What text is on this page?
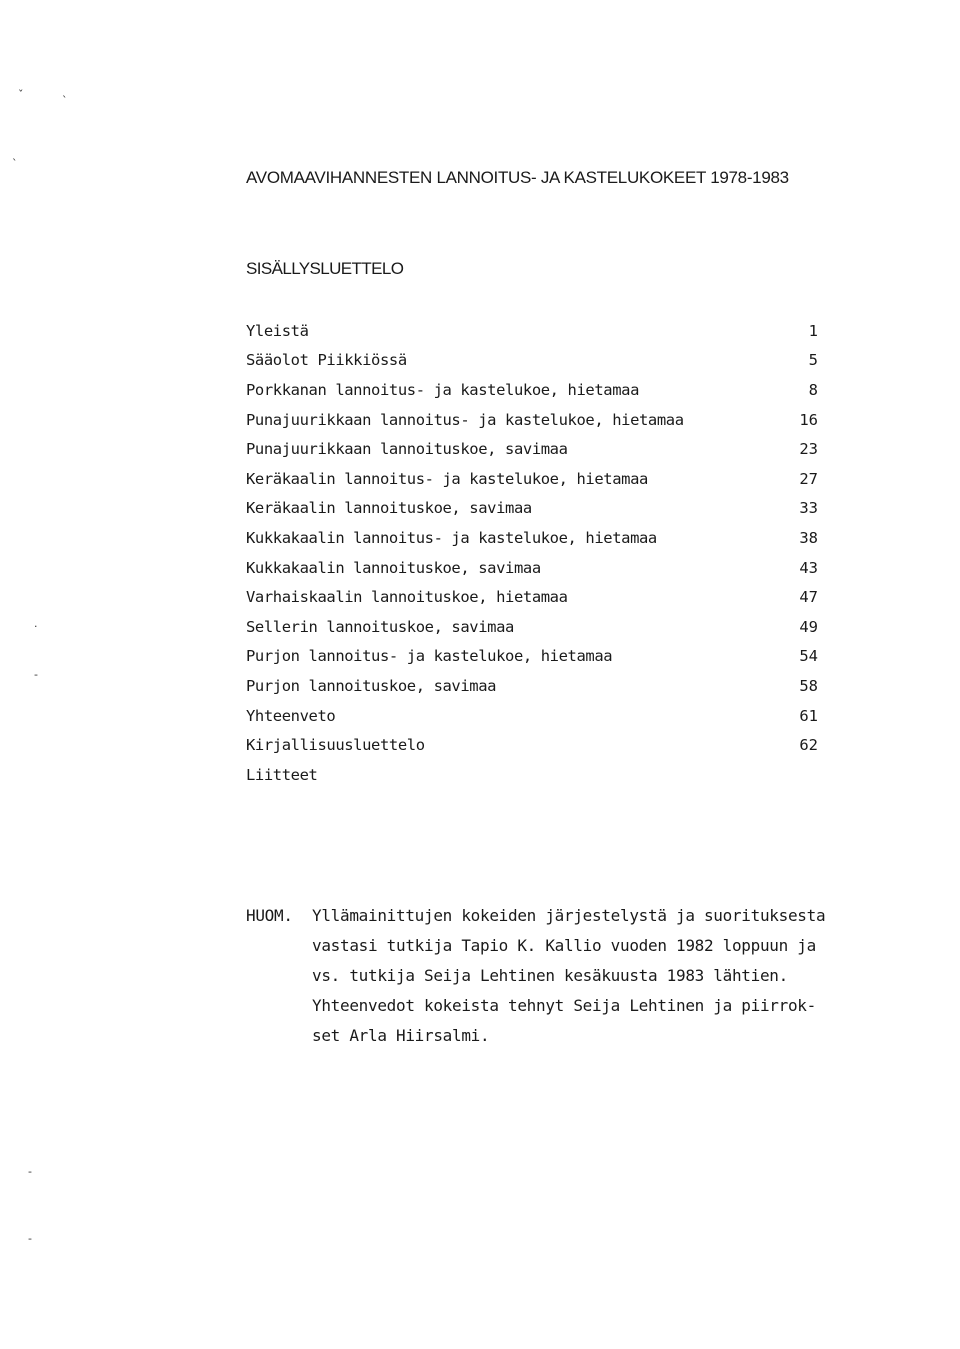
AVOMAAVIHANNESTEN LANNOITUS- JA KASTELUKOKEET 1978-1983
SISÄLLYSLUETTELO
Yleistä	1
Sääolot Piikkiössä	5
Porkkanan lannoitus- ja kastelukoe, hietamaa	8
Punajuurikkaan lannoitus- ja kastelukoe, hietamaa	16
Punajuurikkaan lannoituskoe, savimaa	23
Keräkaalin lannoitus- ja kastelukoe, hietamaa	27
Keräkaalin lannoituskoe, savimaa	33
Kukkakaalin lannoitus- ja kastelukoe, hietamaa	38
Kukkakaalin lannoituskoe, savimaa	43
Varhaiskaalin lannoituskoe, hietamaa	47
Sellerin lannoituskoe, savimaa	49
Purjon lannoitus- ja kastelukoe, hietamaa	54
Purjon lannoituskoe, savimaa	58
Yhteenveto	61
Kirjallisuusluettelo	62
Liitteet
HUOM. Yllämainittujen kokeiden järjestelystä ja suorituksesta
vastasi tutkija Tapio K. Kallio vuoden 1982 loppuun ja
vs. tutkija Seija Lehtinen kesäkuusta 1983 lähtien.
Yhteenvedot kokeista tehnyt Seija Lehtinen ja piirrok-
set Arla Hiirsalmi.
ˇ	ˋ
ˎ
·
-
-
-
